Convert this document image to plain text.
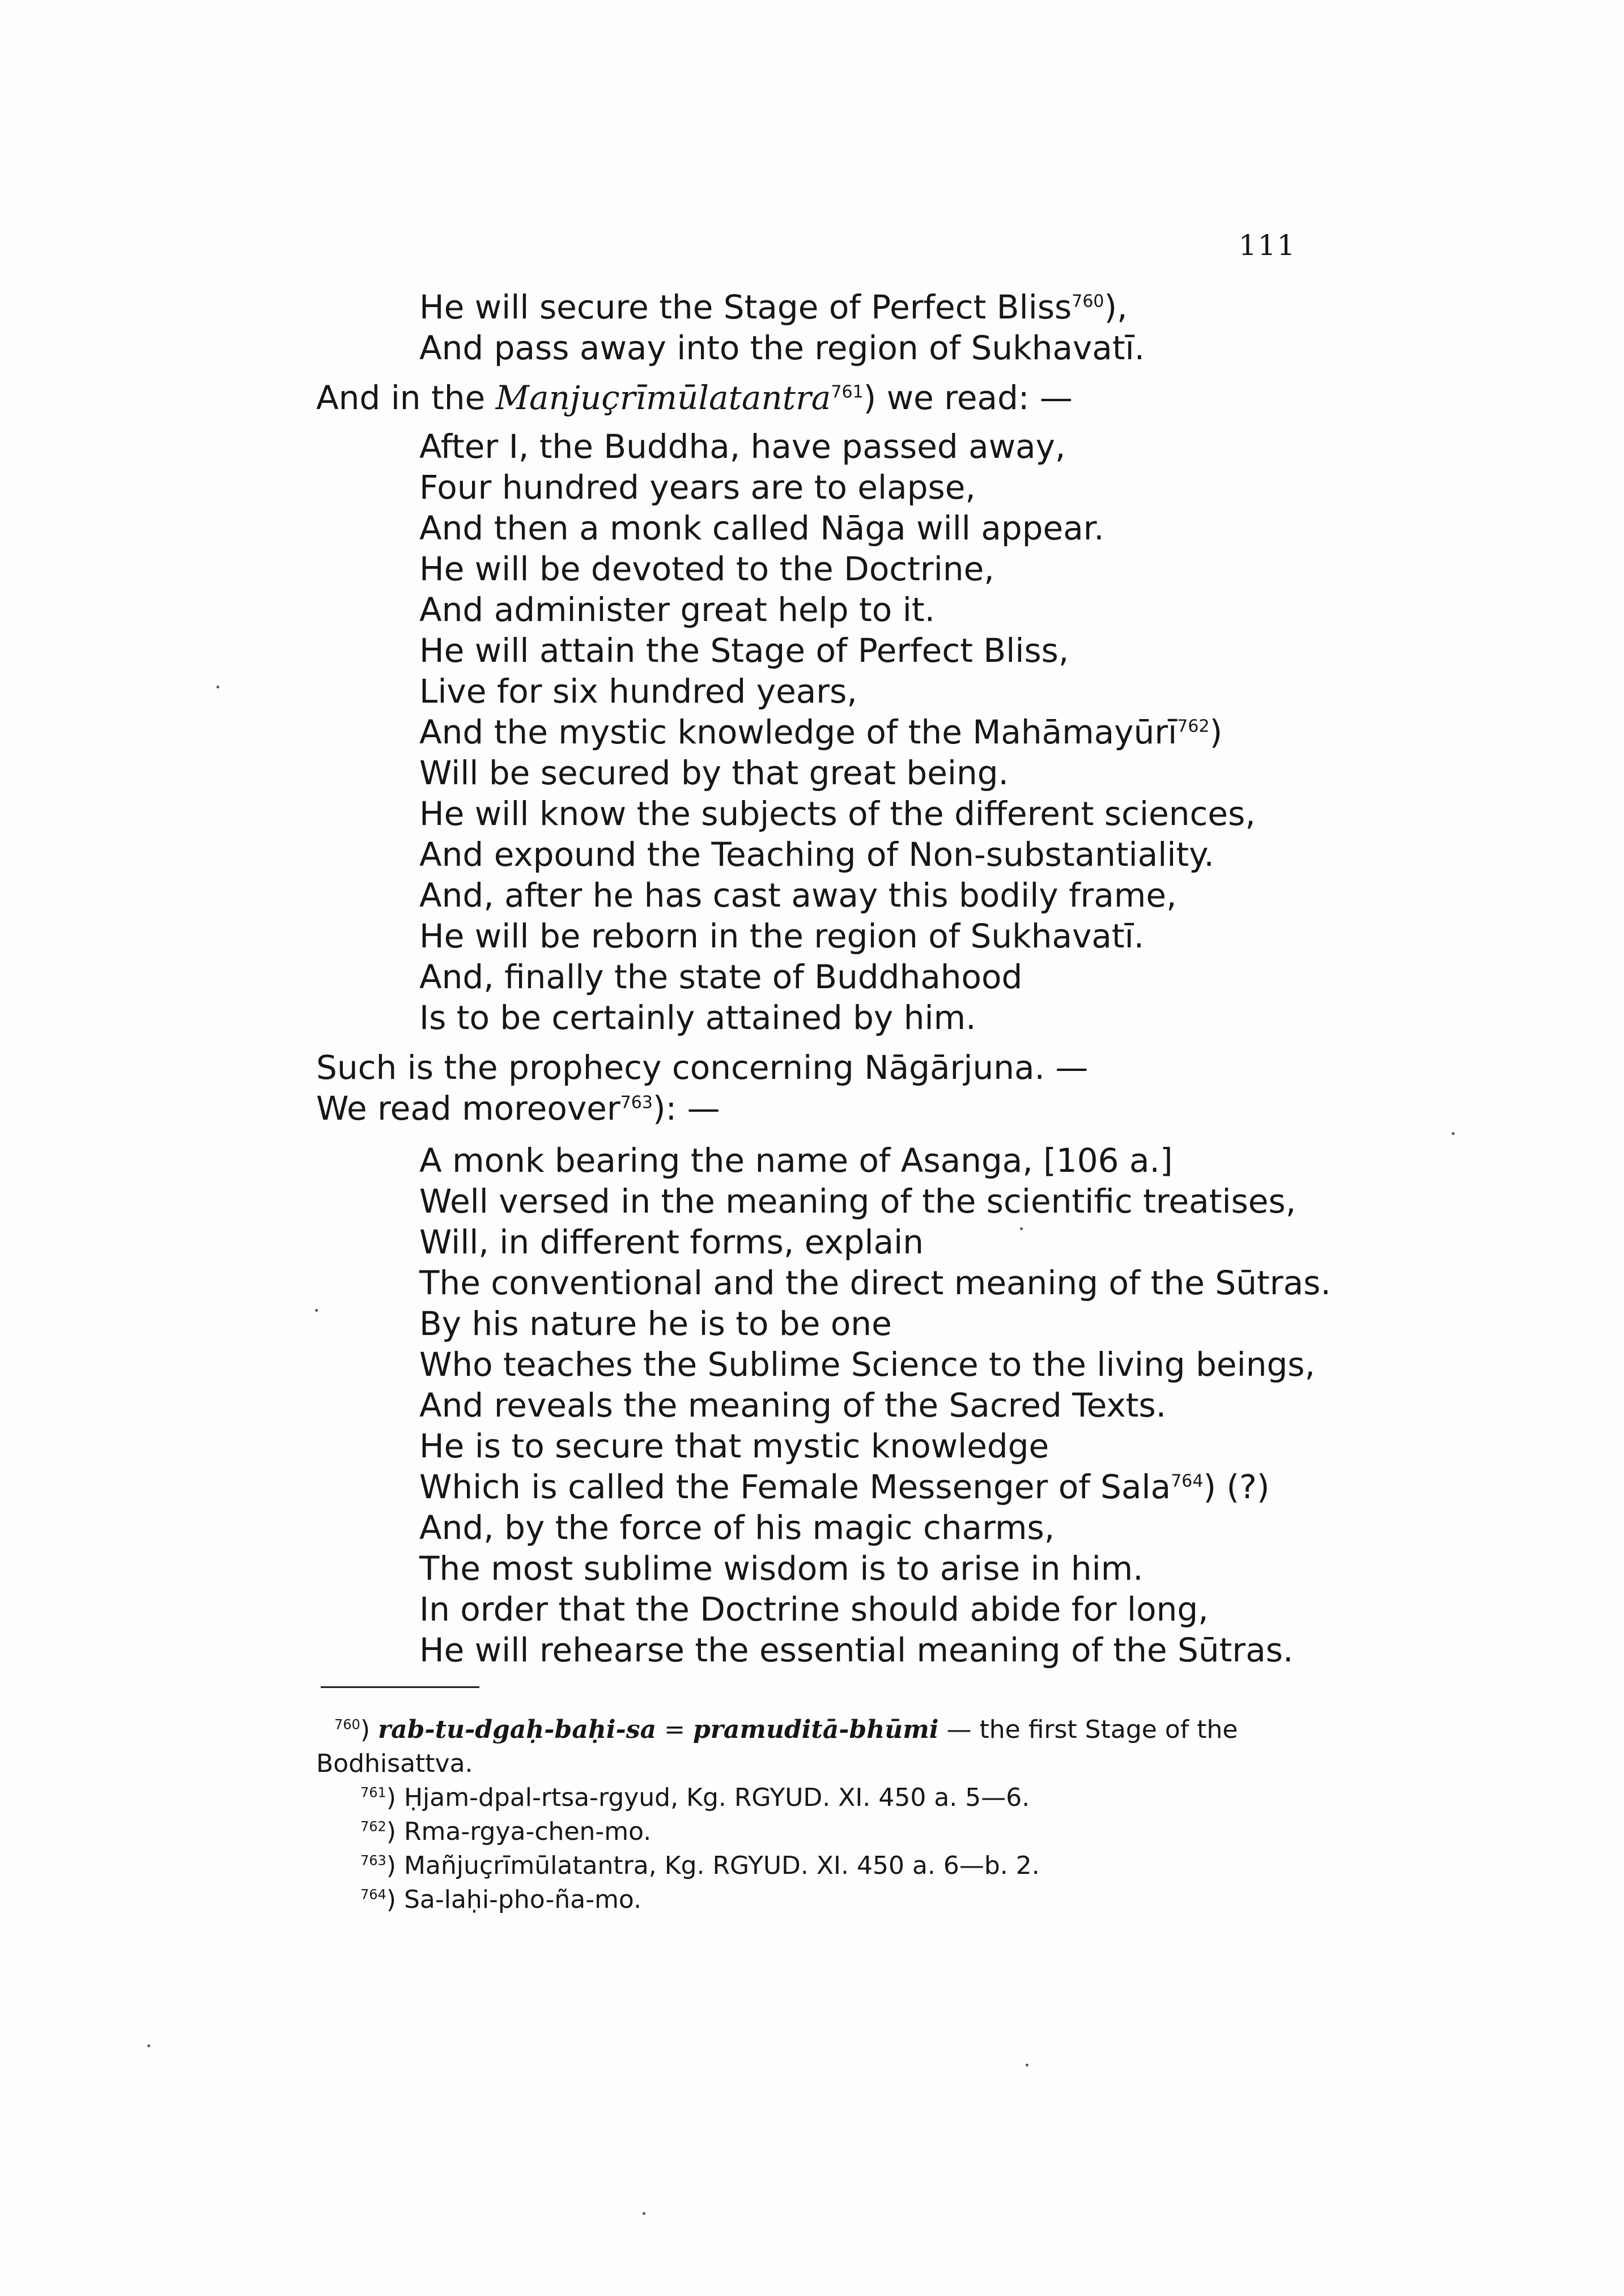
111
He will secure the Stage of Perfect Bliss$^{760}$),
And pass away into the region of Sukhavatī.
And in the Manjuçrīmūlatantra$^{761}$) we read: —
After I, the Buddha, have passed away,
Four hundred years are to elapse,
And then a monk called Nāga will appear.
He will be devoted to the Doctrine,
And administer great help to it.
He will attain the Stage of Perfect Bliss,
Live for six hundred years,
And the mystic knowledge of the Mahāmayūrī$^{762}$)
Will be secured by that great being.
He will know the subjects of the different sciences,
And expound the Teaching of Non-substantiality.
And, after he has cast away this bodily frame,
He will be reborn in the region of Sukhavatī.
And, finally the state of Buddhahood
Is to be certainly attained by him.
Such is the prophecy concerning Nāgārjuna. —
We read moreover$^{763}$): —
A monk bearing the name of Asanga, [106 a.]
Well versed in the meaning of the scientific treatises,
Will, in different forms, explain
The conventional and the direct meaning of the Sūtras.
By his nature he is to be one
Who teaches the Sublime Science to the living beings,
And reveals the meaning of the Sacred Texts.
He is to secure that mystic knowledge
Which is called the Female Messenger of Sala$^{764}$) (?)
And, by the force of his magic charms,
The most sublime wisdom is to arise in him.
In order that the Doctrine should abide for long,
He will rehearse the essential meaning of the Sūtras.
$^{760}$) rab-tu-dgaḥ-baḥi-sa = pramuditā-bhūmi — the first Stage of the
Bodhisattva.
$^{761}$) Ḥjam-dpal-rtsa-rgyud, Kg. RGYUD. XI. 450 a. 5—6.
$^{762}$) Rma-rgya-chen-mo.
$^{763}$) Mañjuçrīmūlatantra, Kg. RGYUD. XI. 450 a. 6—b. 2.
$^{764}$) Sa-laḥi-pho-ña-mo.
